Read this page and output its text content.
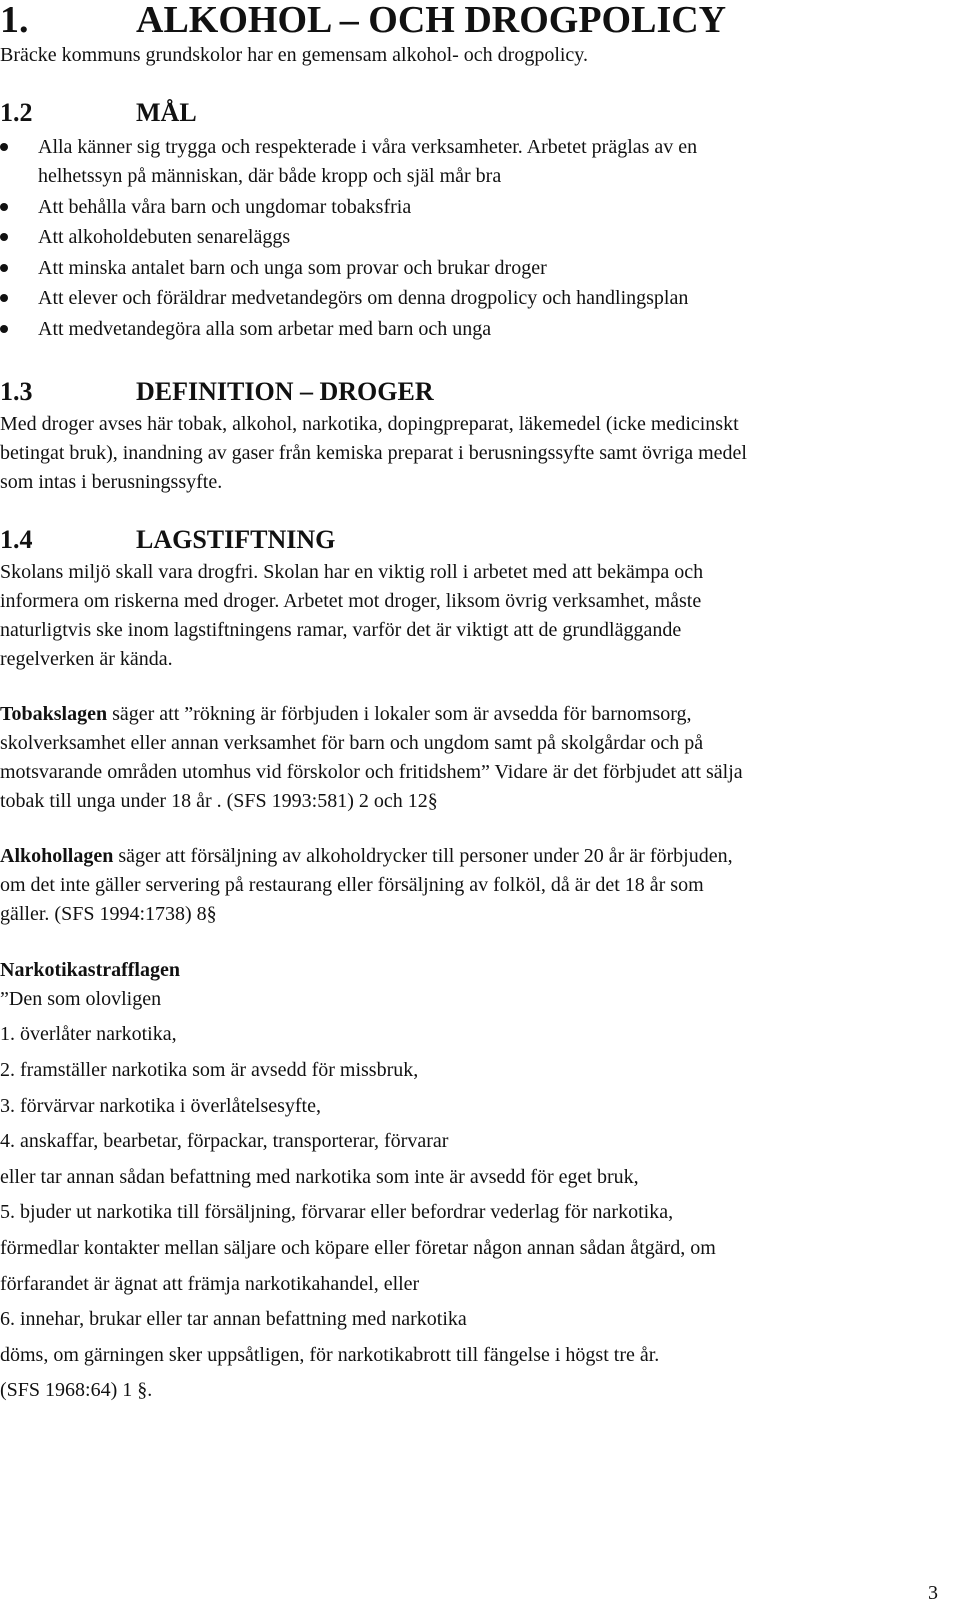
1.	ALKOHOL – OCH DROGPOLICY

Bräcke kommuns grundskolor har en gemensam alkohol- och drogpolicy.

1.2	MÅL

Alla känner sig trygga och respekterade i våra verksamheter. Arbetet präglas av en

helhetssyn på människan, där både kropp och själ mår bra

Att behålla våra barn och ungdomar tobaksfria

Att alkoholdebuten senareläggs

Att minska antalet barn och unga som provar och brukar droger

Att elever och föräldrar medvetandegörs om denna drogpolicy och handlingsplan

Att medvetandegöra alla som arbetar med barn och unga

1.3	DEFINITION – DROGER

Med droger avses här tobak, alkohol, narkotika, dopingpreparat, läkemedel (icke medicinskt

betingat bruk), inandning av gaser från kemiska preparat i berusningssyfte samt övriga medel

som intas i berusningssyfte.

1.4	LAGSTIFTNING

Skolans miljö skall vara drogfri. Skolan har en viktig roll i arbetet med att bekämpa och

informera om riskerna med droger. Arbetet mot droger, liksom övrig verksamhet, måste

naturligtvis ske inom lagstiftningens ramar, varför det är viktigt att de grundläggande

regelverken är kända.

Tobakslagen säger att ”rökning är förbjuden i lokaler som är avsedda för barnomsorg,

skolverksamhet eller annan verksamhet för barn och ungdom samt på skolgårdar och på

motsvarande områden utomhus vid förskolor och fritidshem” Vidare är det förbjudet att sälja

tobak till unga under 18 år . (SFS 1993:581) 2 och 12§

Alkohollagen säger att försäljning av alkoholdrycker till personer under 20 år är förbjuden,

om det inte gäller servering på restaurang eller försäljning av folköl, då är det 18 år som

gäller. (SFS 1994:1738) 8§

Narkotikastrafflagen

”Den som olovligen

1. överlåter narkotika,

2. framställer narkotika som är avsedd för missbruk,

3. förvärvar narkotika i överlåtelsesyfte,

4. anskaffar, bearbetar, förpackar, transporterar, förvarar

eller tar annan sådan befattning med narkotika som inte är avsedd för eget bruk,

5. bjuder ut narkotika till försäljning, förvarar eller befordrar vederlag för narkotika,

förmedlar kontakter mellan säljare och köpare eller företar någon annan sådan åtgärd, om

förfarandet är ägnat att främja narkotikahandel, eller

6. innehar, brukar eller tar annan befattning med narkotika

döms, om gärningen sker uppsåtligen, för narkotikabrott till fängelse i högst tre år.

(SFS 1968:64) 1 §.

3
